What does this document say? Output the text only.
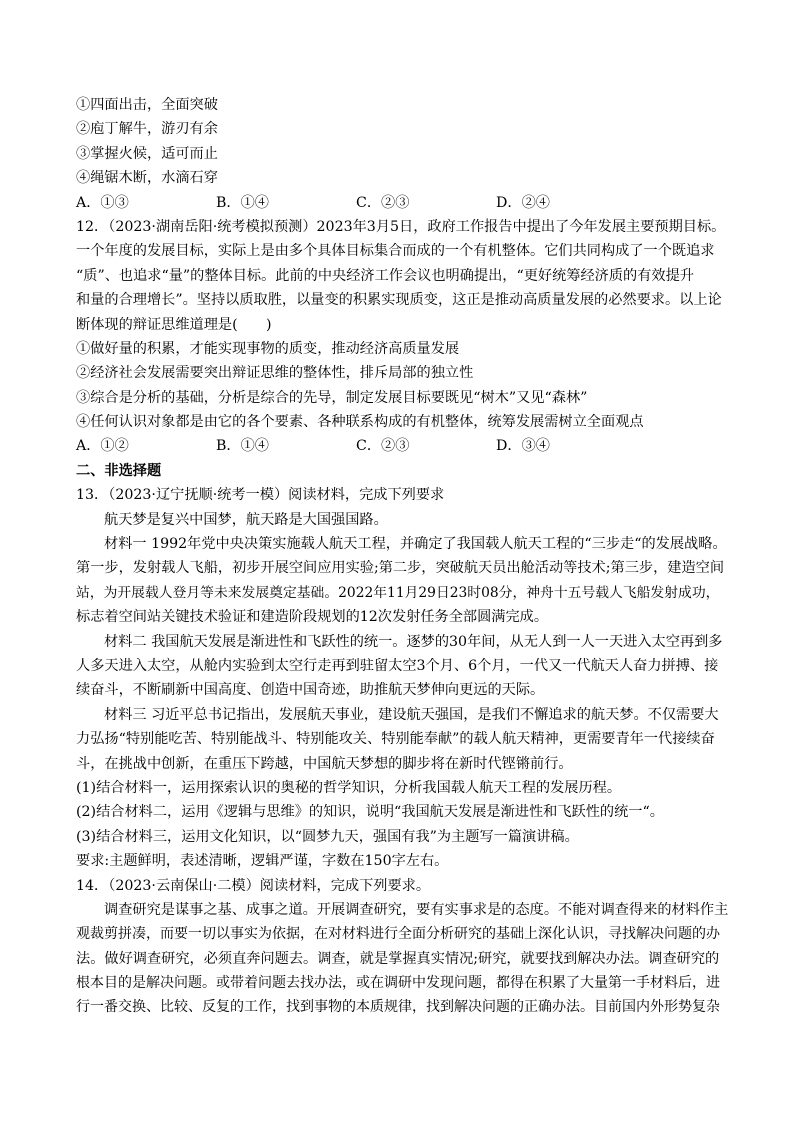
①四面出击，全面突破
②庖丁解牛，游刃有余
③掌握火候，适可而止
④绳锯木断，水滴石穿
A．①③	B．①④	C．②③	D．②④
12．（2023·湖南岳阳·统考模拟预测）2023年3月5日，政府工作报告中提出了今年发展主要预期目标。
一个年度的发展目标，实际上是由多个具体目标集合而成的一个有机整体。它们共同构成了一个既追求
“质”、也追求“量”的整体目标。此前的中央经济工作会议也明确提出，“更好统筹经济质的有效提升
和量的合理增长”。坚持以质取胜，以量变的积累实现质变，这正是推动高质量发展的必然要求。以上论
断体现的辩证思维道理是(　　)
①做好量的积累，才能实现事物的质变，推动经济高质量发展
②经济社会发展需要突出辩证思维的整体性，排斥局部的独立性
③综合是分析的基础，分析是综合的先导，制定发展目标要既见“树木”又见“森林”
④任何认识对象都是由它的各个要素、各种联系构成的有机整体，统筹发展需树立全面观点
A．①②	B．①④	C．②③	D．③④
二、非选择题
13．（2023·辽宁抚顺·统考一模）阅读材料，完成下列要求
航天梦是复兴中国梦，航天路是大国强国路。
材料一 1992年党中央决策实施载人航天工程，并确定了我国载人航天工程的“三步走“的发展战略。
第一步，发射载人飞船，初步开展空间应用实验;第二步，突破航天员出舱活动等技术;第三步，建造空间
站，为开展载人登月等未来发展奠定基础。2022年11月29日23时08分，神舟十五号载人飞船发射成功，
标志着空间站关键技术验证和建造阶段规划的12次发射任务全部圆满完成。
材料二 我国航天发展是渐进性和飞跃性的统一。逐梦的30年间，从无人到一人一天进入太空再到多
人多天进入太空，从舱内实验到太空行走再到驻留太空3个月、6个月，一代又一代航天人奋力拼搏、接
续奋斗，不断刷新中国高度、创造中国奇迹，助推航天梦伸向更远的天际。
材料三 习近平总书记指出，发展航天事业，建设航天强国，是我们不懈追求的航天梦。不仅需要大
力弘扬“特别能吃苦、特别能战斗、特别能攻关、特别能奉献”的载人航天精神，更需要青年一代接续奋
斗，在挑战中创新，在重压下跨越，中国航天梦想的脚步将在新时代铿锵前行。
(1)结合材料一，运用探索认识的奥秘的哲学知识，分析我国载人航天工程的发展历程。
(2)结合材料二，运用《逻辑与思维》的知识，说明“我国航天发展是渐进性和飞跃性的统一“。
(3)结合材料三，运用文化知识，以“圆梦九天，强国有我”为主题写一篇演讲稿。
要求:主题鲜明，表述清晰，逻辑严谨，字数在150字左右。
14．（2023·云南保山·二模）阅读材料，完成下列要求。
调查研究是谋事之基、成事之道。开展调查研究，要有实事求是的态度。不能对调查得来的材料作主
观裁剪拼凑，而要一切以事实为依据，在对材料进行全面分析研究的基础上深化认识，寻找解决问题的办
法。做好调查研究，必须直奔问题去。调查，就是掌握真实情况;研究，就要找到解决办法。调查研究的
根本目的是解决问题。或带着问题去找办法，或在调研中发现问题，都得在积累了大量第一手材料后，进
行一番交换、比较、反复的工作，找到事物的本质规律，找到解决问题的正确办法。目前国内外形势复杂
